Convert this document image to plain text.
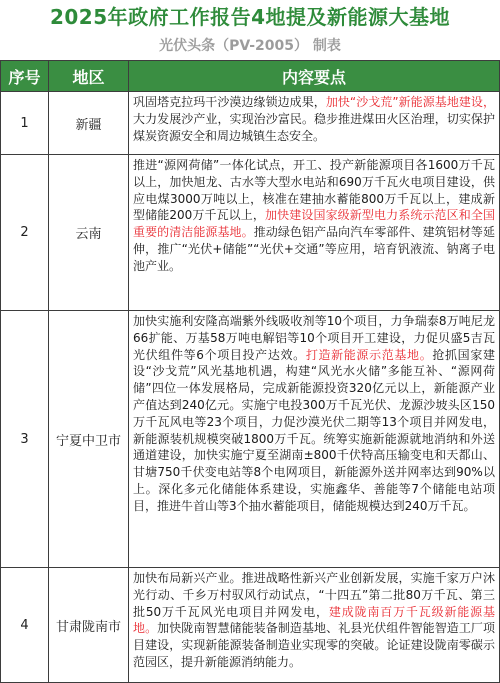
2025年政府工作报告4地提及新能源大基地
光伏头条（PV-2005） 制表
序号	地区	内容要点
1	新疆	巩固塔克拉玛干沙漠边缘锁边成果，加快“沙戈荒”新能源基地建设，大力发展沙产业，实现治沙富民。稳步推进煤田火区治理，切实保护煤炭资源安全和周边城镇生态安全。
2	云南	推进“源网荷储”一体化试点，开工、投产新能源项目各1600万千瓦以上，加快旭龙、古水等大型水电站和690万千瓦火电项目建设，供应电煤3000万吨以上，核准在建抽水蓄能800万千瓦以上，建成新型储能200万千瓦以上，加快建设国家级新型电力系统示范区和全国重要的清洁能源基地。推动绿色铝产品向汽车零部件、建筑铝材等延伸，推广“光伏+储能”“光伏+交通”等应用，培育钒液流、钠离子电池产业。
3	宁夏中卫市	加快实施利安隆高端紫外线吸收剂等10个项目，力争瑞泰8万吨尼龙66扩能、万基58万吨电解铝等10个项目开工建设，力促贝盛5吉瓦光伏组件等6个项目投产达效。打造新能源示范基地。抢抓国家建设“沙戈荒”风光基地机遇，构建“风光水火储”多能互补、“源网荷储”四位一体发展格局，完成新能源投资320亿元以上，新能源产业产值达到240亿元。实施宁电投300万千瓦光伏、龙源沙坡头区150万千瓦风电等23个项目，力促沙漠光伏二期等13个项目并网发电，新能源装机规模突破1800万千瓦。统筹实施新能源就地消纳和外送通道建设，加快实施宁夏至湖南±800千伏特高压输变电和天都山、甘塘750千伏变电站等8个电网项目，新能源外送并网率达到90%以上。深化多元化储能体系建设，实施鑫华、善能等7个储能电站项目，推进牛首山等3个抽水蓄能项目，储能规模达到240万千瓦。
4	甘肃陇南市	加快布局新兴产业。推进战略性新兴产业创新发展，实施千家万户沐光行动、千乡万村驭风行动试点，“十四五”第二批80万千瓦、第三批50万千瓦风光电项目并网发电，建成陇南百万千瓦级新能源基地。加快陇南智慧储能装备制造基地、礼县光伏组件智能智造工厂项目建设，实现新能源装备制造业实现零的突破。论证建设陇南零碳示范园区，提升新能源消纳能力。
